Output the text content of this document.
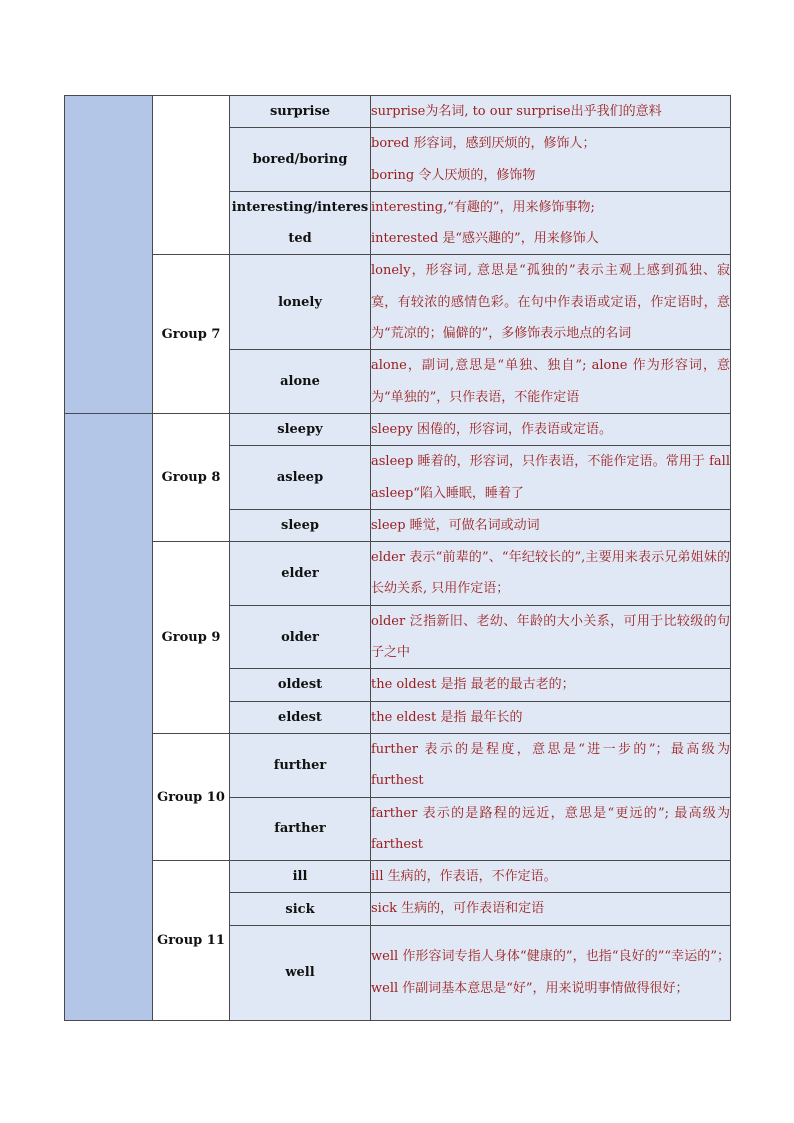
		surprise	surprise为名词, to our surprise出乎我们的意料
		bored/boring	bored 形容词，感到厌烦的，修饰人；
boring 令人厌烦的，修饰物
		interesting/interested	interesting,“有趣的”，用来修饰事物;
interested 是“感兴趣的”，用来修饰人
	Group 7	lonely	lonely，形容词, 意思是“孤独的”表示主观上感到孤独、寂寞，有较浓的感情色彩。在句中作表语或定语，作定语时，意为“荒凉的；偏僻的”，多修饰表示地点的名词
		alone	alone，副词,意思是“单独、独自”; alone 作为形容词，意为“单独的”，只作表语，不能作定语
	Group 8	sleepy	sleepy 困倦的，形容词，作表语或定语。
		asleep	asleep 睡着的，形容词，只作表语，不能作定语。常用于 fall asleep“陷入睡眠，睡着了
		sleep	sleep 睡觉，可做名词或动词
	Group 9	elder	elder 表示“前辈的”、“年纪较长的”,主要用来表示兄弟姐妹的长幼关系, 只用作定语；
		older	older 泛指新旧、老幼、年龄的大小关系，可用于比较级的句子之中
		oldest	the oldest 是指 最老的最古老的；
		eldest	the eldest 是指 最年长的
	Group 10	further	further 表示的是程度，意思是“进一步的”；最高级为 furthest
		farther	farther 表示的是路程的远近，意思是“更远的”; 最高级为 farthest
	Group 11	ill	ill 生病的，作表语，不作定语。
		sick	sick 生病的，可作表语和定语
		well	well 作形容词专指人身体“健康的”，也指“良好的”“幸运的”；well 作副词基本意思是“好”，用来说明事情做得很好；
